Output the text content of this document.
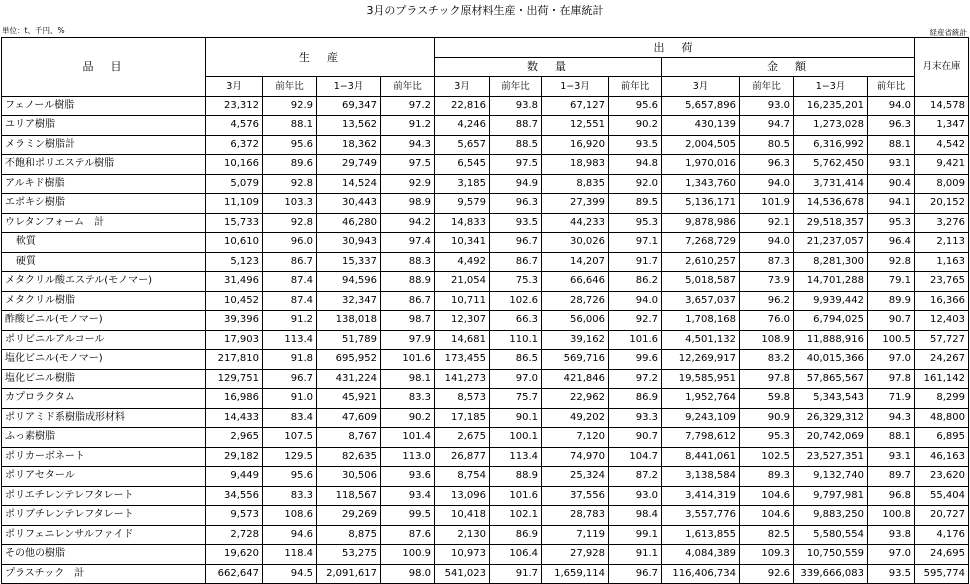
3月のプラスチック原材料生産・出荷・在庫統計
単位：t、千円、%	経産省統計
品　目	生　産				出　荷								月末在庫
					数　量				金　額				
	3月	前年比	1−3月	前年比	3月	前年比	1−3月	前年比	3月	前年比	1−3月	前年比	
フェノール樹脂	23,312	92.9	69,347	97.2	22,816	93.8	67,127	95.6	5,657,896	93.0	16,235,201	94.0	14,578
ユリア樹脂	4,576	88.1	13,562	91.2	4,246	88.7	12,551	90.2	430,139	94.7	1,273,028	96.3	1,347
メラミン樹脂計	6,372	95.6	18,362	94.3	5,657	88.5	16,920	93.5	2,004,505	80.5	6,316,992	88.1	4,542
不飽和ポリエステル樹脂	10,166	89.6	29,749	97.5	6,545	97.5	18,983	94.8	1,970,016	96.3	5,762,450	93.1	9,421
アルキド樹脂	5,079	92.8	14,524	92.9	3,185	94.9	8,835	92.0	1,343,760	94.0	3,731,414	90.4	8,009
エポキシ樹脂	11,109	103.3	30,443	98.9	9,579	96.3	27,399	89.5	5,136,171	101.9	14,536,678	94.1	20,152
ウレタンフォーム　計	15,733	92.8	46,280	94.2	14,833	93.5	44,233	95.3	9,878,986	92.1	29,518,357	95.3	3,276
軟質	10,610	96.0	30,943	97.4	10,341	96.7	30,026	97.1	7,268,729	94.0	21,237,057	96.4	2,113
硬質	5,123	86.7	15,337	88.3	4,492	86.7	14,207	91.7	2,610,257	87.3	8,281,300	92.8	1,163
メタクリル酸エステル(モノマー)	31,496	87.4	94,596	88.9	21,054	75.3	66,646	86.2	5,018,587	73.9	14,701,288	79.1	23,765
メタクリル樹脂	10,452	87.4	32,347	86.7	10,711	102.6	28,726	94.0	3,657,037	96.2	9,939,442	89.9	16,366
酢酸ビニル(モノマー)	39,396	91.2	138,018	98.7	12,307	66.3	56,006	92.7	1,708,168	76.0	6,794,025	90.7	12,403
ポリビニルアルコール	17,903	113.4	51,789	97.9	14,681	110.1	39,162	101.6	4,501,132	108.9	11,888,916	100.5	57,727
塩化ビニル(モノマー)	217,810	91.8	695,952	101.6	173,455	86.5	569,716	99.6	12,269,917	83.2	40,015,366	97.0	24,267
塩化ビニル樹脂	129,751	96.7	431,224	98.1	141,273	97.0	421,846	97.2	19,585,951	97.8	57,865,567	97.8	161,142
カプロラクタム	16,986	91.0	45,921	83.3	8,573	75.7	22,962	86.9	1,952,764	59.8	5,343,543	71.9	8,299
ポリアミド系樹脂成形材料	14,433	83.4	47,609	90.2	17,185	90.1	49,202	93.3	9,243,109	90.9	26,329,312	94.3	48,800
ふっ素樹脂	2,965	107.5	8,767	101.4	2,675	100.1	7,120	90.7	7,798,612	95.3	20,742,069	88.1	6,895
ポリカーボネート	29,182	129.5	82,635	113.0	26,877	113.4	74,970	104.7	8,441,061	102.5	23,527,351	93.1	46,163
ポリアセタール	9,449	95.6	30,506	93.6	8,754	88.9	25,324	87.2	3,138,584	89.3	9,132,740	89.7	23,620
ポリエチレンテレフタレート	34,556	83.3	118,567	93.4	13,096	101.6	37,556	93.0	3,414,319	104.6	9,797,981	96.8	55,404
ポリブチレンテレフタレート	9,573	108.6	29,269	99.5	10,418	102.1	28,783	98.4	3,557,776	104.6	9,883,250	100.8	20,727
ポリフェニレンサルファイド	2,728	94.6	8,875	87.6	2,130	86.9	7,119	99.1	1,613,855	82.5	5,580,554	93.8	4,176
その他の樹脂	19,620	118.4	53,275	100.9	10,973	106.4	27,928	91.1	4,084,389	109.3	10,750,559	97.0	24,695
プラスチック　計	662,647	94.5	2,091,617	98.0	541,023	91.7	1,659,114	96.7	116,406,734	92.6	339,666,083	93.5	595,774
